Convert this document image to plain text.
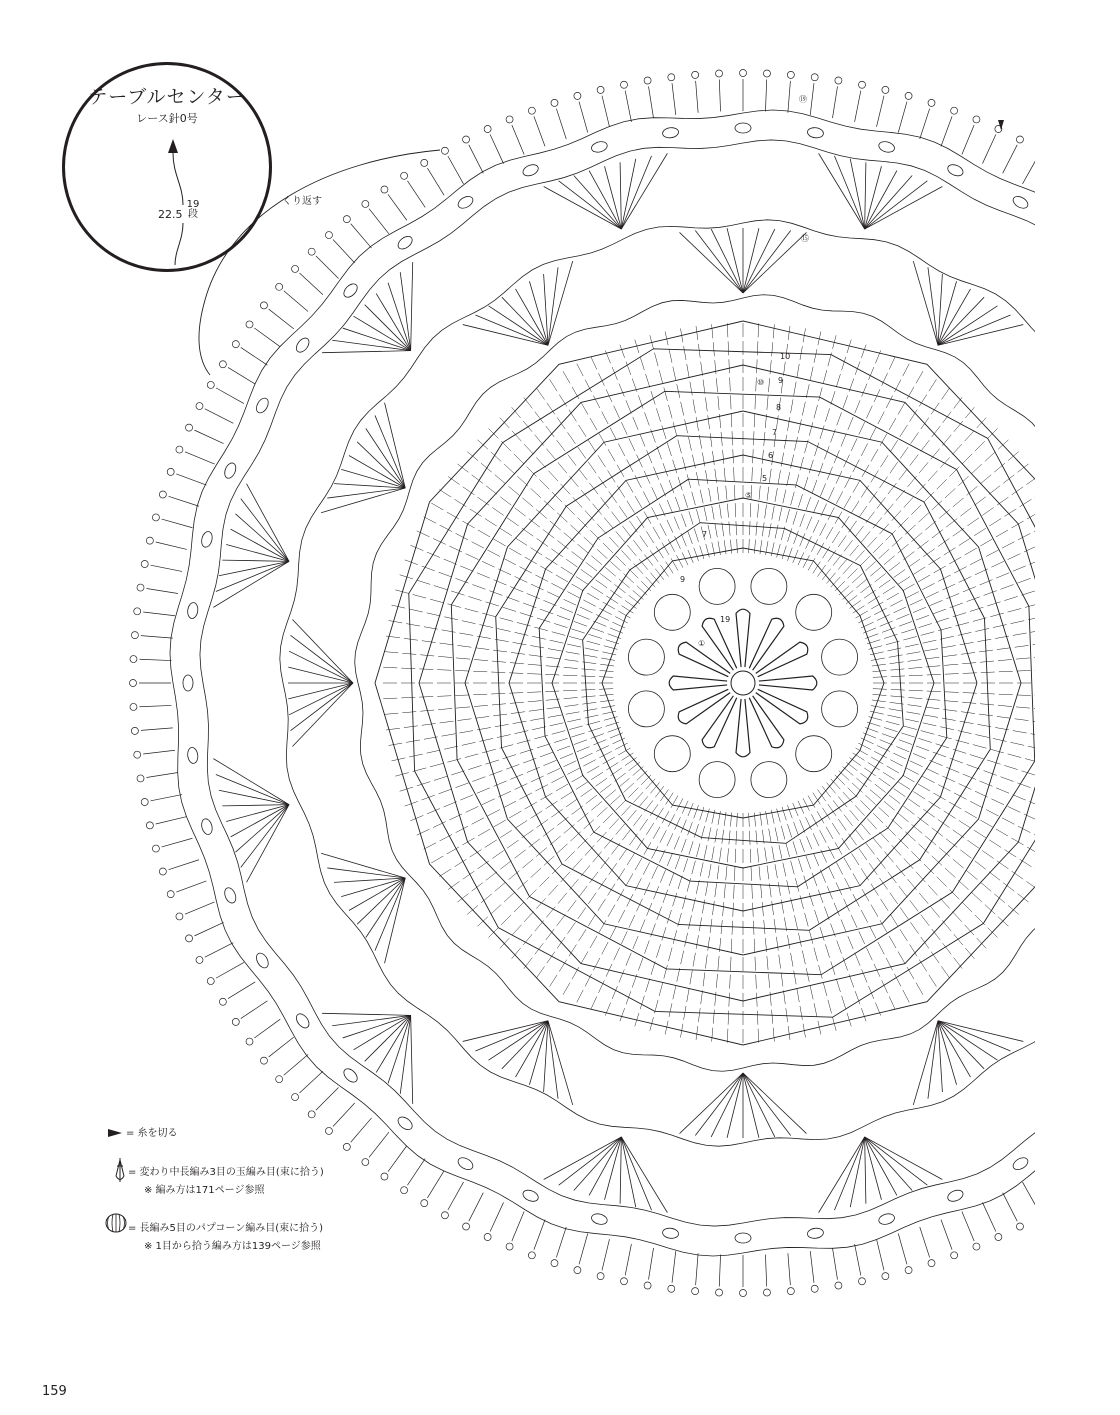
⑲
⑮
10
⑩ 9
8
7
6
5
⑤
7
9
19
①
テーブルセンター
レース針0号
22.5
19
段
くり返す
= 糸を切る
= 変わり中長編み3目の玉編み目(束に拾う)
※ 編み方は171ページ参照
= 長編み5目のパプコーン編み目(束に拾う)
※ 1目から拾う編み方は139ページ参照
159
